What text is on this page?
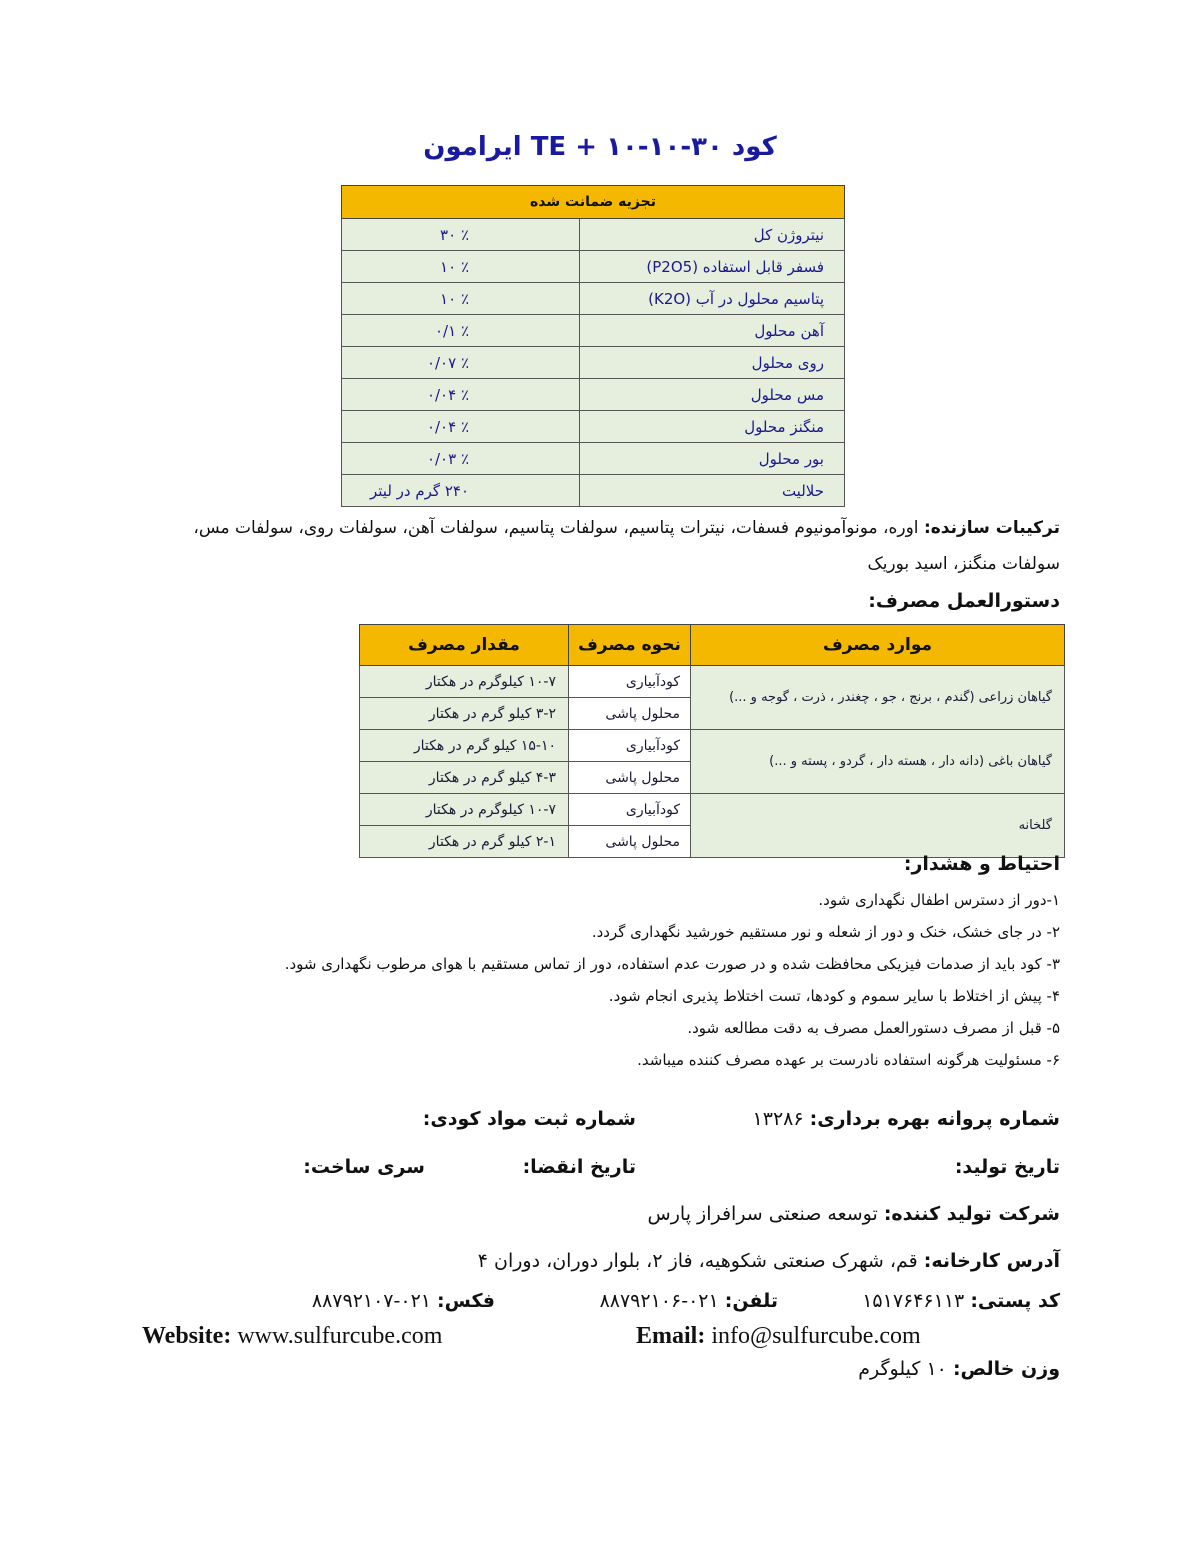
کود TE + ۱۰-۱۰-۳۰ ایرامون
تجزیه ضمانت شده	
نیتروژن کل	٪ ۳۰
فسفر قابل استفاده (P2O5)	٪ ۱۰
پتاسیم محلول در آب (K2O)	٪ ۱۰
آهن محلول	٪ ۰/۱
روی محلول	٪ ۰/۰۷
مس محلول	٪ ۰/۰۴
منگنز محلول	٪ ۰/۰۴
بور محلول	٪ ۰/۰۳
حلالیت	۲۴۰ گرم در لیتر
ترکیبات سازنده: اوره، مونوآمونیوم فسفات، نیترات پتاسیم، سولفات پتاسیم، سولفات آهن، سولفات روی، سولفات مس، سولفات منگنز، اسید بوریک
دستورالعمل مصرف:
موارد مصرف	نحوه مصرف	مقدار مصرف
گیاهان زراعی (گندم ، برنج ، جو ، چغندر ، ذرت ، گوجه و ...)	کودآبیاری	۱۰-۷ کیلوگرم در هکتار
	محلول پاشی	۳-۲ کیلو گرم در هکتار
گیاهان باغی (دانه دار ، هسته دار ، گردو ، پسته و ...)	کودآبیاری	۱۵-۱۰ کیلو گرم در هکتار
	محلول پاشی	۴-۳ کیلو گرم در هکتار
گلخانه	کودآبیاری	۱۰-۷ کیلوگرم در هکتار
	محلول پاشی	۲-۱ کیلو گرم در هکتار
احتیاط و هشدار:
۱-دور از دسترس اطفال نگهداری شود.
۲- در جای خشک، خنک و دور از شعله و نور مستقیم خورشید نگهداری گردد.
۳- کود باید از صدمات فیزیکی محافظت شده و در صورت عدم استفاده، دور از تماس مستقیم با هوای مرطوب نگهداری شود.
۴- پیش از اختلاط با سایر سموم و کودها، تست اختلاط پذیری انجام شود.
۵- قبل از مصرف دستورالعمل مصرف به دقت مطالعه شود.
۶- مسئولیت هرگونه استفاده نادرست بر عهده مصرف کننده میباشد.
شماره پروانه بهره برداری: ۱۳۲۸۶
شماره ثبت مواد کودی:
تاریخ تولید:
تاریخ انقضا:
سری ساخت:
شرکت تولید کننده: توسعه صنعتی سرافراز پارس
آدرس کارخانه: قم، شهرک صنعتی شکوهیه، فاز ۲، بلوار دوران، دوران ۴
کد پستی: ۱۵۱۷۶۴۶۱۱۳
تلفن: ۰۲۱-۸۸۷۹۲۱۰۶
فکس: ۰۲۱-۸۸۷۹۲۱۰۷
Website: www.sulfurcube.com	Email: info@sulfurcube.com
وزن خالص: ۱۰ کیلوگرم
